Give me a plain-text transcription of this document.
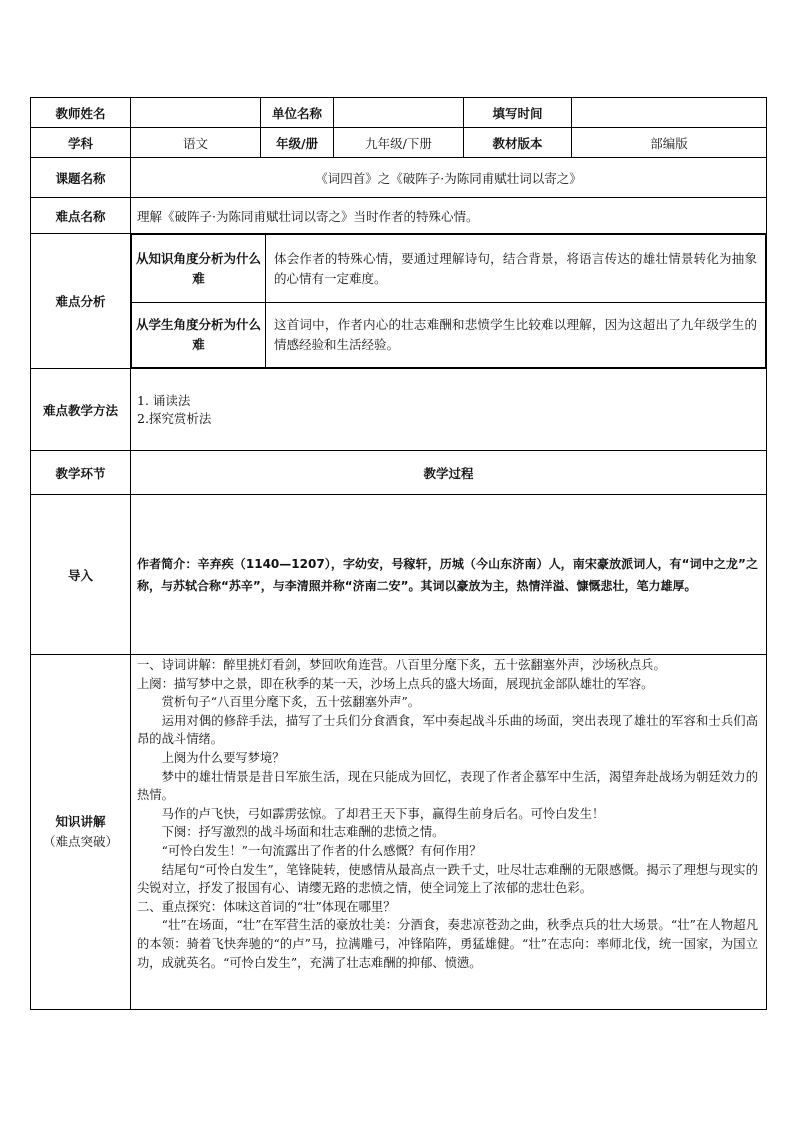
教师姓名		单位名称		填写时间	
学科	语文	年级/册	九年级/下册	教材版本	部编版
课题名称	《词四首》之《破阵子·为陈同甫赋壮词以寄之》
难点名称	理解《破阵子·为陈同甫赋壮词以寄之》当时作者的特殊心情。
难点分析	
从知识角度分析为什么难	体会作者的特殊心情，要通过理解诗句，结合背景，将语言传达的雄壮情景转化为抽象的心情有一定难度。
从学生角度分析为什么难	这首词中，作者内心的壮志难酬和悲愤学生比较难以理解，因为这超出了九年级学生的情感经验和生活经验。

难点教学方法	
1. 诵读法
2.探究赏析法

教学环节	教学过程
导入	作者简介：辛弃疾（1140—1207），字幼安，号稼轩，历城（今山东济南）人，南宋豪放派词人，有“词中之龙”之称，与苏轼合称“苏辛”，与李清照并称“济南二安”。其词以豪放为主，热情洋溢、慷慨悲壮，笔力雄厚。

知识讲解
（难点突破）

一、诗词讲解：醉里挑灯看剑，梦回吹角连营。八百里分麾下炙，五十弦翻塞外声，沙场秋点兵。

上阕：描写梦中之景，即在秋季的某一天，沙场上点兵的盛大场面，展现抗金部队雄壮的军容。

赏析句子“八百里分麾下炙，五十弦翻塞外声”。

运用对偶的修辞手法，描写了士兵们分食酒食，军中奏起战斗乐曲的场面，突出表现了雄壮的军容和士兵们高昂的战斗情绪。

上阕为什么要写梦境？

梦中的雄壮情景是昔日军旅生活，现在只能成为回忆，表现了作者企慕军中生活，渴望奔赴战场为朝廷效力的热情。

马作的卢飞快，弓如霹雳弦惊。了却君王天下事，赢得生前身后名。可怜白发生！

下阕：抒写激烈的战斗场面和壮志难酬的悲愤之情。

“可怜白发生！”一句流露出了作者的什么感慨？有何作用？

结尾句“可怜白发生”，笔锋陡转，使感情从最高点一跌千丈，吐尽壮志难酬的无限感慨。揭示了理想与现实的尖锐对立，抒发了报国有心、请缨无路的悲愤之情，使全词笼上了浓郁的悲壮色彩。

二、重点探究：体味这首词的“壮”体现在哪里？

“壮”在场面，“壮”在军营生活的豪放壮美：分酒食，奏悲凉苍劲之曲，秋季点兵的壮大场景。“壮”在人物超凡的本领：骑着飞快奔驰的“的卢”马，拉满雕弓，冲锋陷阵，勇猛雄健。“壮”在志向：率师北伐，统一国家，为国立功，成就英名。“可怜白发生”，充满了壮志难酬的抑郁、愤懑。
